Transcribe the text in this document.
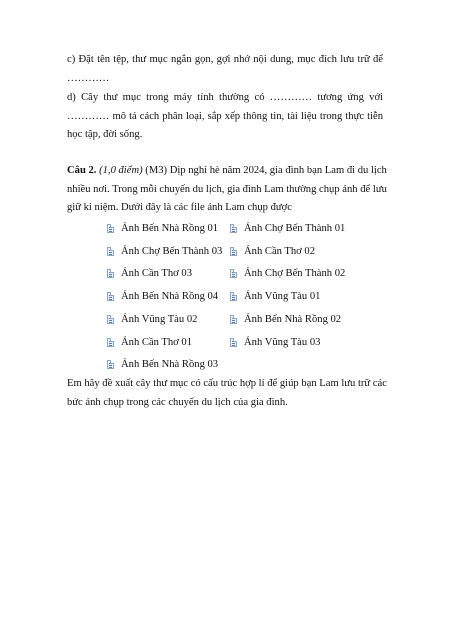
c) Đặt tên tệp, thư mục ngắn gọn, gợi nhớ nội dung, mục đích lưu trữ để
…………

d) Cây thư mục trong máy tính thường có ………… tương ứng với
………… mô tả cách phân loại, sắp xếp thông tin, tài liệu trong thực tiễn
học tập, đời sống.

Câu 2. (1,0 điểm) (M3) Dịp nghỉ hè năm 2024, gia đình bạn Lam đi du lịch
nhiều nơi. Trong mỗi chuyến du lịch, gia đình Lam thường chụp ảnh để lưu
giữ kỉ niệm. Dưới đây là các file ảnh Lam chụp được

Ảnh Bến Nhà Rồng 01 Ảnh Chợ Bến Thành 01
Ảnh Chợ Bến Thành 03 Ảnh Cần Thơ 02
Ảnh Cần Thơ 03	Ảnh Chợ Bến Thành 02
Ảnh Bến Nhà Rồng 04 Ảnh Vũng Tàu 01
Ảnh Vũng Tàu 02	Ảnh Bến Nhà Rồng 02
Ảnh Cần Thơ 01	Ảnh Vũng Tàu 03
Ảnh Bến Nhà Rồng 03

Em hãy đề xuất cây thư mục có cấu trúc hợp lí để giúp bạn Lam lưu trữ các
bức ảnh chụp trong các chuyến du lịch của gia đình.
